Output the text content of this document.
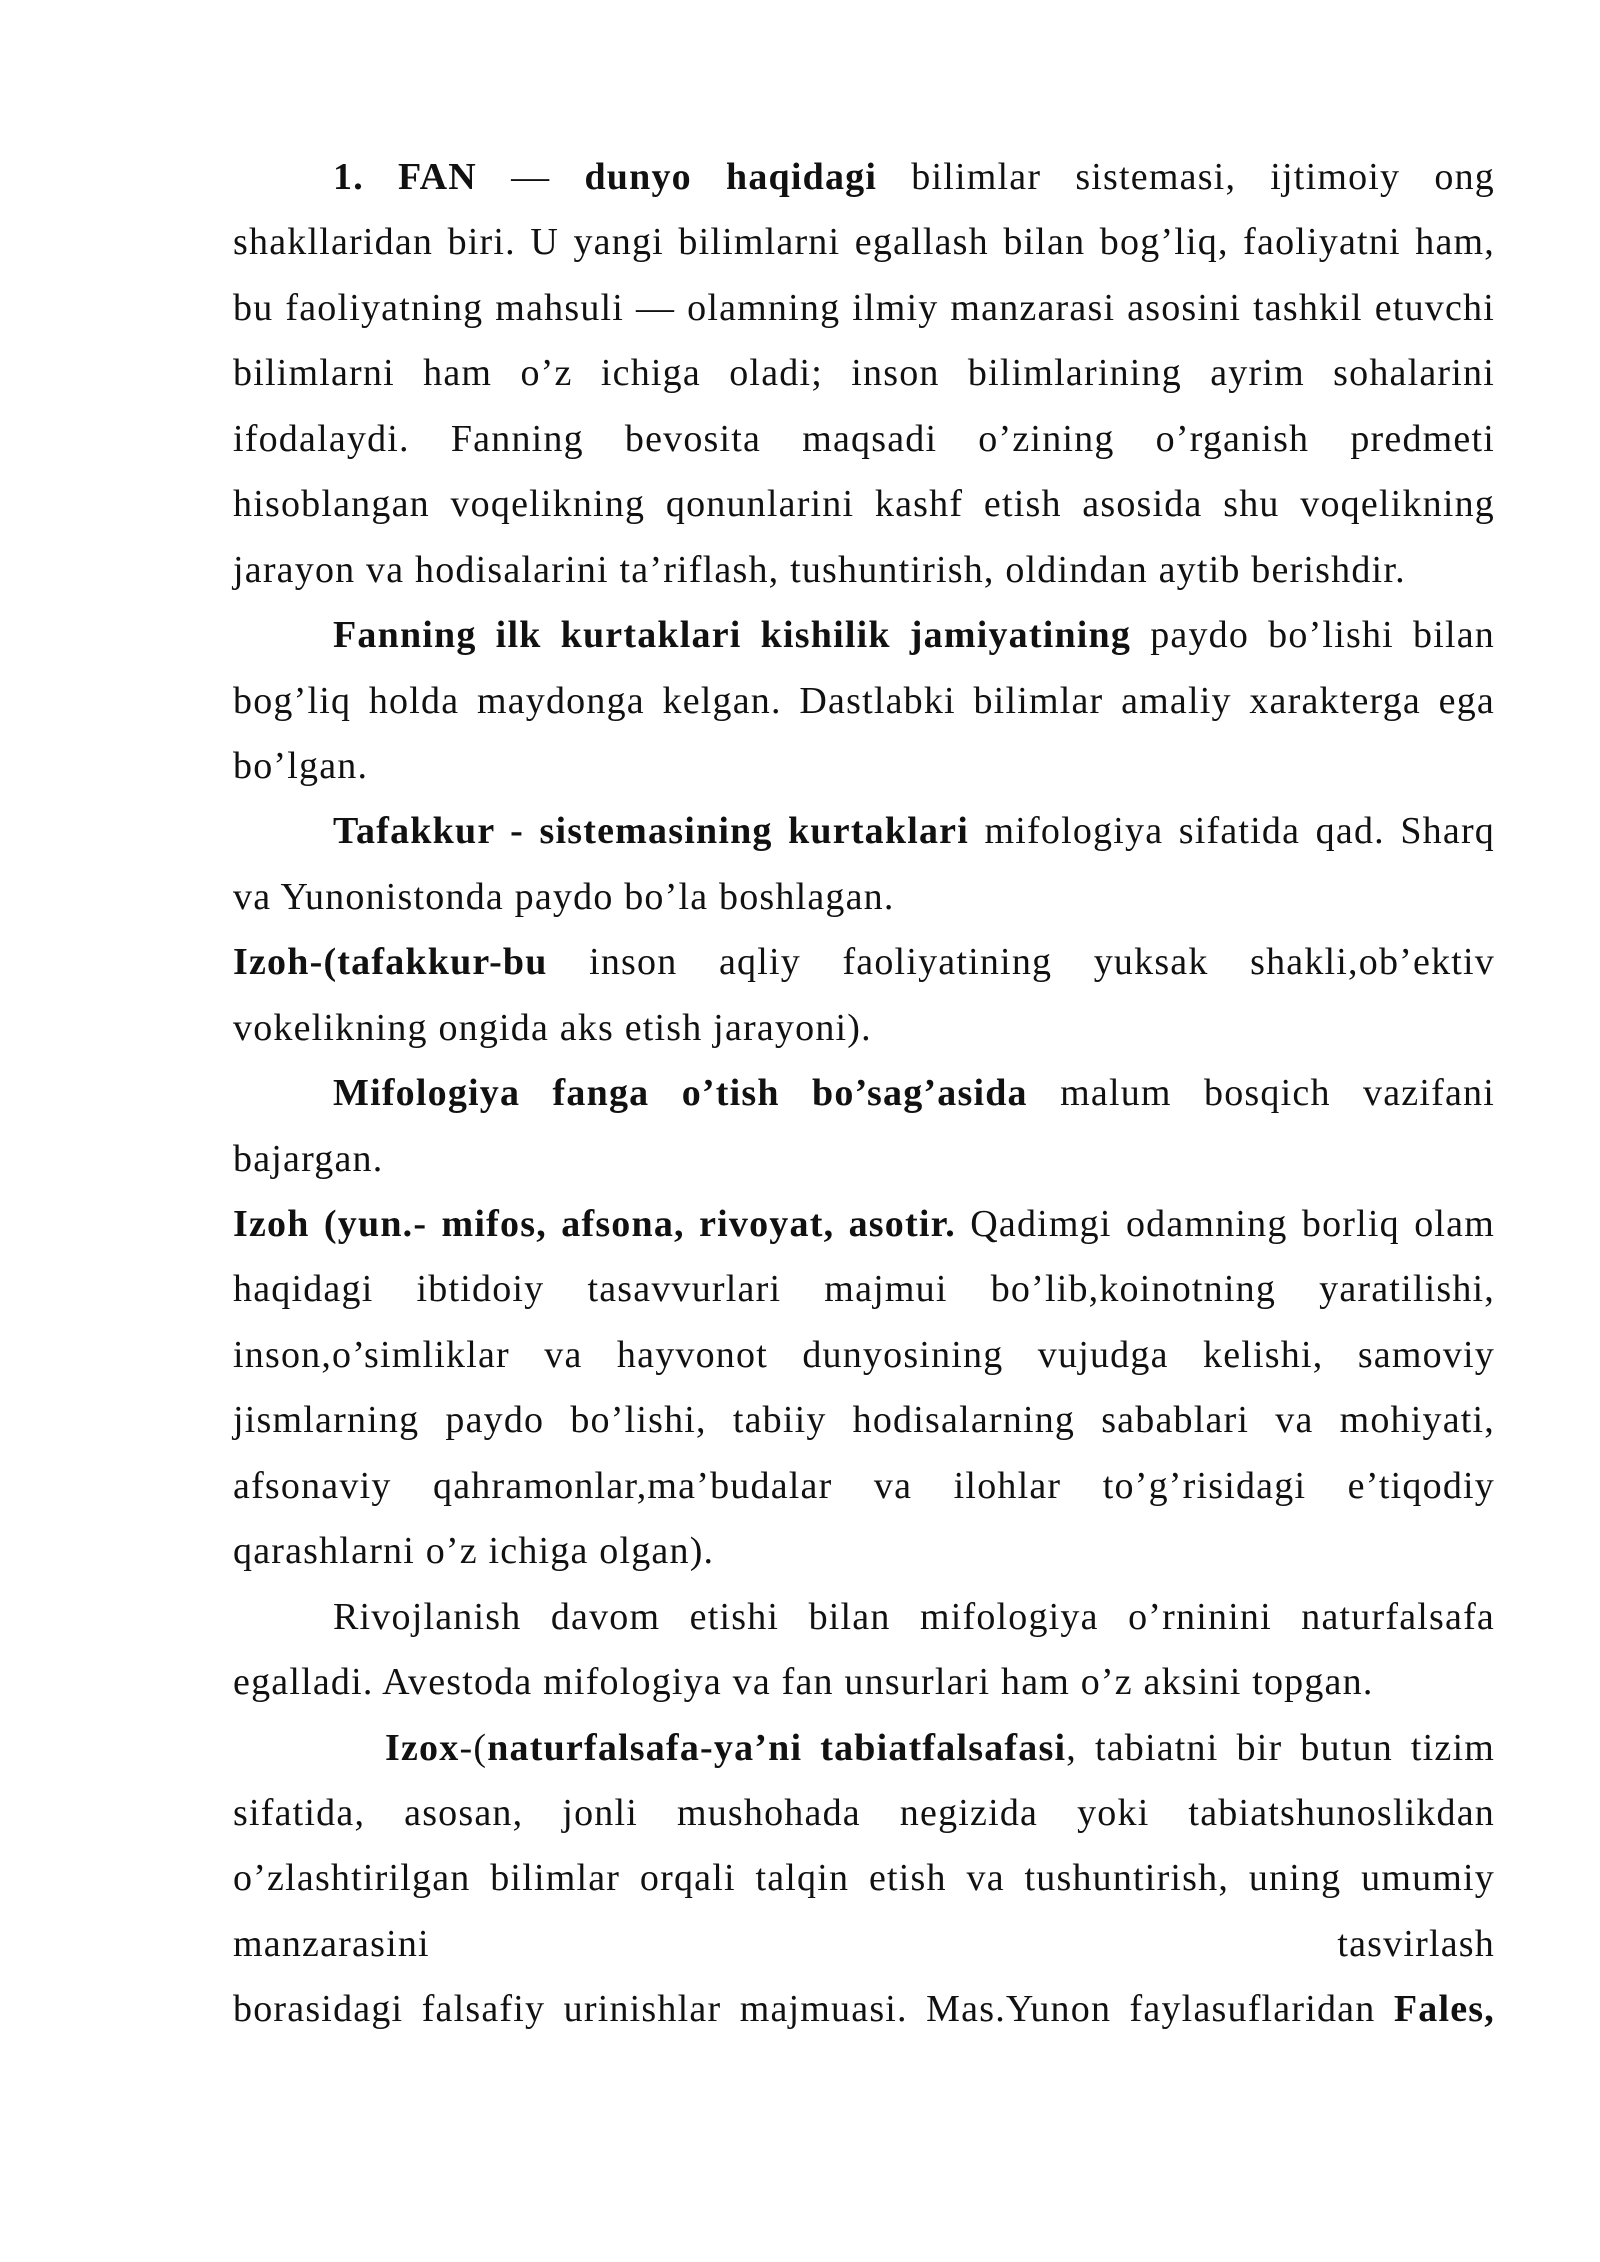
1. FAN — dunyo haqidagi bilimlar sistemasi, ijtimoiy ong
shakllaridan biri. U yangi bilimlarni egallash bilan bog’liq, faoliyatni ham,
bu faoliyatning mahsuli — olamning ilmiy manzarasi asosini tashkil etuvchi
bilimlarni ham o’z ichiga oladi; inson bilimlarining ayrim sohalarini
ifodalaydi. Fanning bevosita maqsadi o’zining o’rganish predmeti
hisoblangan voqelikning qonunlarini kashf etish asosida shu voqelikning
jarayon va hodisalarini ta’riflash, tushuntirish, oldindan aytib berishdir.
Fanning ilk kurtaklari kishilik jamiyatining paydo bo’lishi bilan
bog’liq holda maydonga kelgan. Dastlabki bilimlar amaliy xarakterga ega
bo’lgan.
Tafakkur - sistemasining kurtaklari mifologiya sifatida qad. Sharq
va Yunonistonda paydo bo’la boshlagan.
Izoh-(tafakkur-bu inson aqliy faoliyatining yuksak shakli,ob’ektiv
vokelikning ongida aks etish jarayoni).
Mifologiya fanga o’tish bo’sag’asida malum bosqich vazifani
bajargan.
Izoh (yun.- mifos, afsona, rivoyat, asotir. Qadimgi odamning borliq olam
haqidagi ibtidoiy tasavvurlari majmui bo’lib,koinotning yaratilishi,
inson,o’simliklar va hayvonot dunyosining vujudga kelishi, samoviy
jismlarning paydo bo’lishi, tabiiy hodisalarning sabablari va mohiyati,
afsonaviy qahramonlar,ma’budalar va ilohlar to’g’risidagi e’tiqodiy
qarashlarni o’z ichiga olgan).
Rivojlanish davom etishi bilan mifologiya o’rninini naturfalsafa
egalladi. Avestoda mifologiya va fan unsurlari ham o’z aksini topgan.
Izox-(naturfalsafa-ya’ni tabiatfalsafasi, tabiatni bir butun tizim
sifatida, asosan, jonli mushohada negizida yoki tabiatshunoslikdan
o’zlashtirilgan bilimlar orqali talqin etish va tushuntirish, uning umumiy
manzarasini tasvirlash
borasidagi falsafiy urinishlar majmuasi. Mas.Yunon faylasuflaridan Fales,
